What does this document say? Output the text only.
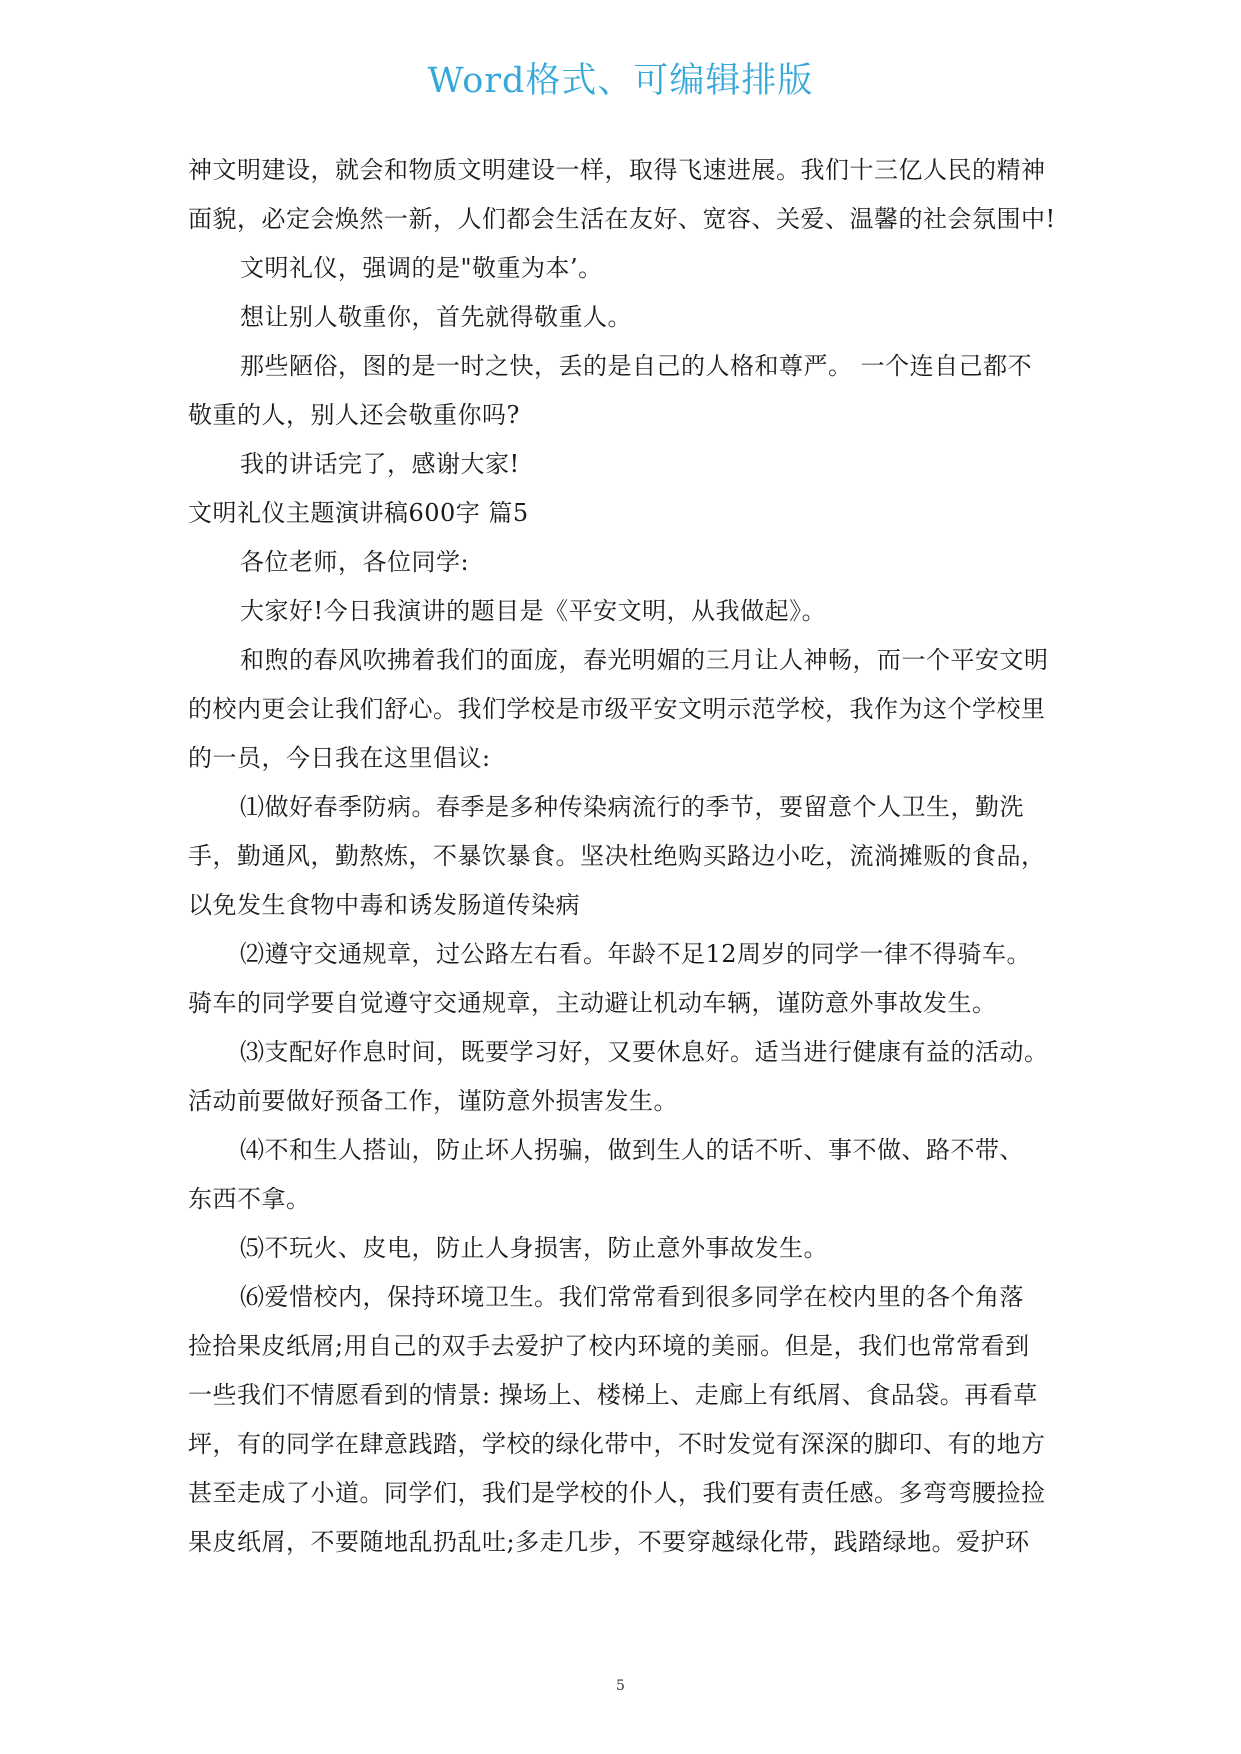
Word格式、可编辑排版
神文明建设，就会和物质文明建设一样，取得飞速进展。我们十三亿人民的精神
面貌，必定会焕然一新，人们都会生活在友好、宽容、关爱、温馨的社会氛围中!
文明礼仪，强调的是"敬重为本’。
想让别人敬重你，首先就得敬重人。
那些陋俗，图的是一时之快，丢的是自己的人格和尊严。 一个连自己都不
敬重的人，别人还会敬重你吗?
我的讲话完了，感谢大家!
文明礼仪主题演讲稿600字 篇5
各位老师，各位同学:
大家好!今日我演讲的题目是《平安文明，从我做起》。
和煦的春风吹拂着我们的面庞，春光明媚的三月让人神畅，而一个平安文明
的校内更会让我们舒心。我们学校是市级平安文明示范学校，我作为这个学校里
的一员，今日我在这里倡议:
⑴做好春季防病。春季是多种传染病流行的季节，要留意个人卫生，勤洗
手，勤通风，勤熬炼，不暴饮暴食。坚决杜绝购买路边小吃，流淌摊贩的食品，
以免发生食物中毒和诱发肠道传染病
⑵遵守交通规章，过公路左右看。年龄不足12周岁的同学一律不得骑车。
骑车的同学要自觉遵守交通规章，主动避让机动车辆，谨防意外事故发生。
⑶支配好作息时间，既要学习好，又要休息好。适当进行健康有益的活动。
活动前要做好预备工作，谨防意外损害发生。
⑷不和生人搭讪，防止坏人拐骗，做到生人的话不听、事不做、路不带、
东西不拿。
⑸不玩火、皮电，防止人身损害，防止意外事故发生。
⑹爱惜校内，保持环境卫生。我们常常看到很多同学在校内里的各个角落
捡拾果皮纸屑;用自己的双手去爱护了校内环境的美丽。但是，我们也常常看到
一些我们不情愿看到的情景: 操场上、楼梯上、走廊上有纸屑、食品袋。再看草
坪，有的同学在肆意践踏，学校的绿化带中，不时发觉有深深的脚印、有的地方
甚至走成了小道。同学们，我们是学校的仆人，我们要有责任感。多弯弯腰捡捡
果皮纸屑，不要随地乱扔乱吐;多走几步，不要穿越绿化带，践踏绿地。爱护环
5
